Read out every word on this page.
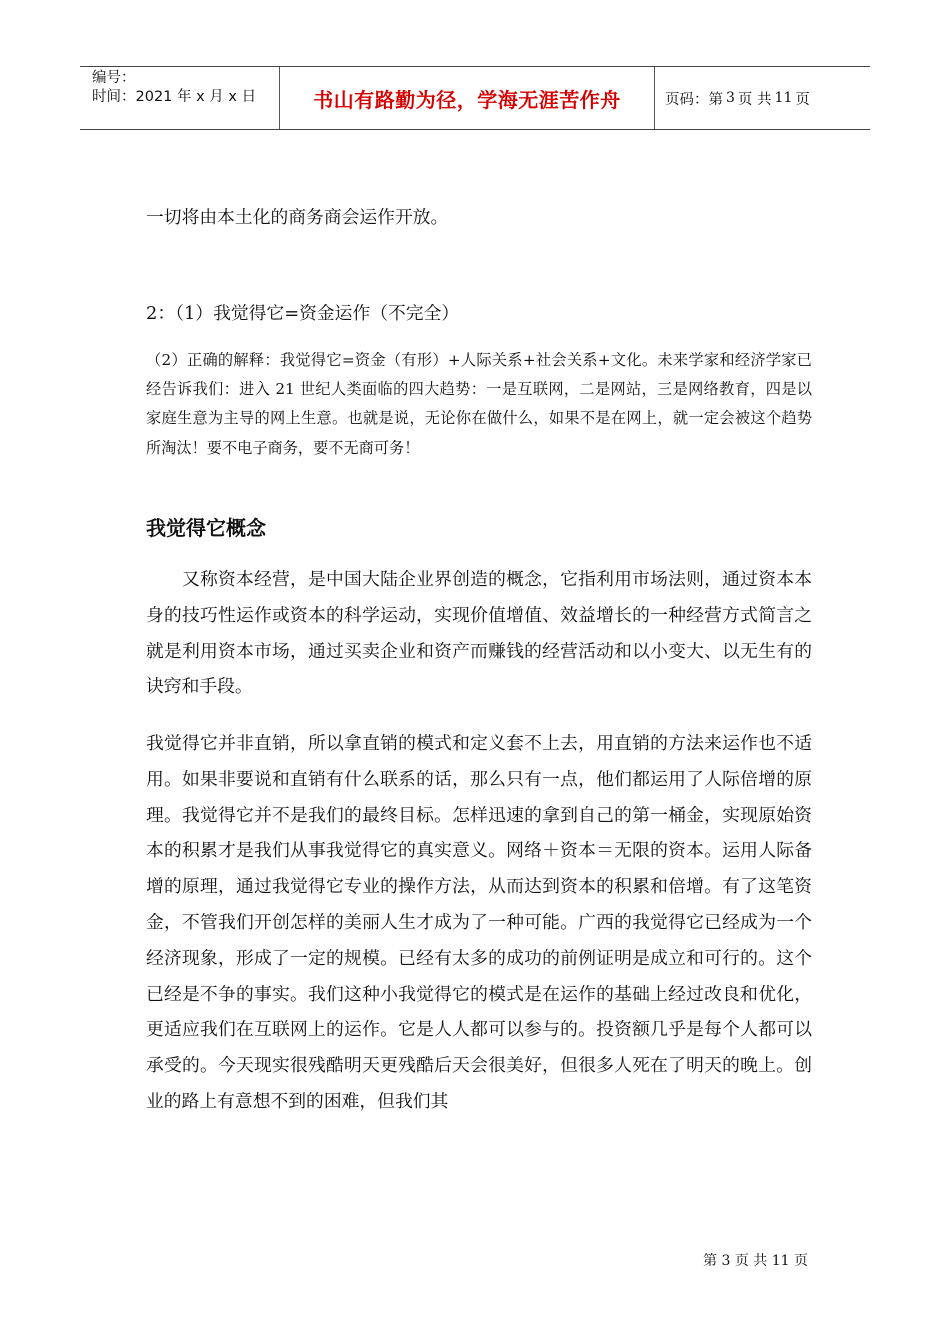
编号：
时间：2021 年 x 月 x 日	书山有路勤为径，学海无涯苦作舟	页码：第 3 页 共 11 页
一切将由本土化的商务商会运作开放。
2：（1）我觉得它=资金运作（不完全）
（2）正确的解释：我觉得它=资金（有形）+人际关系+社会关系+文化。未来学家和经济学家已经告诉我们：进入 21 世纪人类面临的四大趋势：一是互联网，二是网站，三是网络教育，四是以家庭生意为主导的网上生意。也就是说，无论你在做什么，如果不是在网上，就一定会被这个趋势所淘汰！要不电子商务，要不无商可务！
我觉得它概念
又称资本经营，是中国大陆企业界创造的概念，它指利用市场法则，通过资本本身的技巧性运作或资本的科学运动，实现价值增值、效益增长的一种经营方式简言之就是利用资本市场，通过买卖企业和资产而赚钱的经营活动和以小变大、以无生有的诀窍和手段。
我觉得它并非直销，所以拿直销的模式和定义套不上去，用直销的方法来运作也不适用。如果非要说和直销有什么联系的话，那么只有一点，他们都运用了人际倍增的原理。我觉得它并不是我们的最终目标。怎样迅速的拿到自己的第一桶金，实现原始资本的积累才是我们从事我觉得它的真实意义。网络＋资本＝无限的资本。运用人际备增的原理，通过我觉得它专业的操作方法，从而达到资本的积累和倍增。有了这笔资金，不管我们开创怎样的美丽人生才成为了一种可能。广西的我觉得它已经成为一个经济现象，形成了一定的规模。已经有太多的成功的前例证明是成立和可行的。这个已经是不争的事实。我们这种小我觉得它的模式是在运作的基础上经过改良和优化，更适应我们在互联网上的运作。它是人人都可以参与的。投资额几乎是每个人都可以承受的。今天现实很残酷明天更残酷后天会很美好，但很多人死在了明天的晚上。创业的路上有意想不到的困难，但我们其
第 3 页 共 11 页
